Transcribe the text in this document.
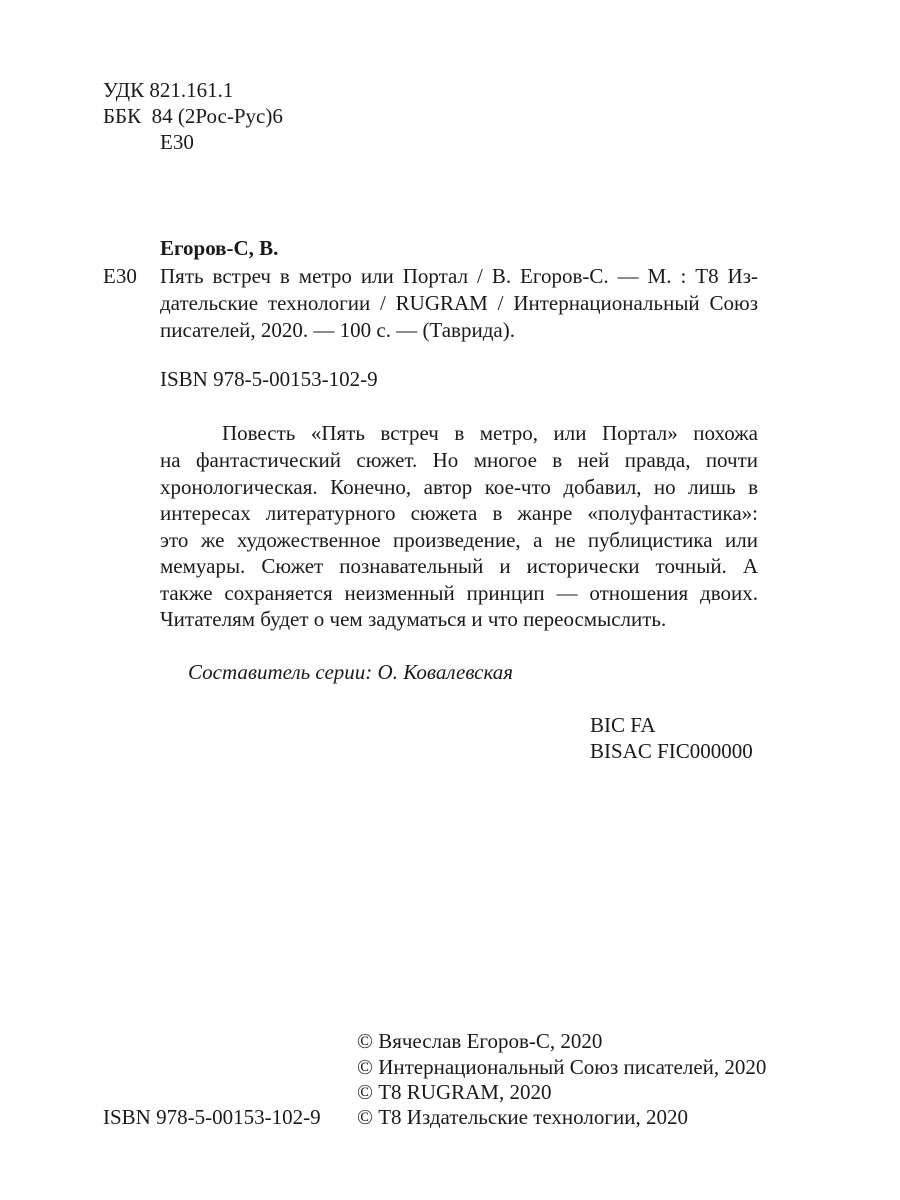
УДК 821.161.1
ББК  84 (2Рос-Рус)6
Е30
Егоров-С, В.
Е30 Пять встреч в метро или Портал / В. Егоров-С. — М. : Т8 Из-
дательские технологии / RUGRAM / Интернациональный Союз
писателей, 2020. — 100 с. — (Таврида).
ISBN 978-5-00153-102-9
Повесть «Пять встреч в метро, или Портал» похожа
на фантастический сюжет. Но многое в ней правда, почти
хронологическая. Конечно, автор кое-что добавил, но лишь в
интересах литературного сюжета в жанре «полуфантастика»:
это же художественное произведение, а не публицистика или
мемуары. Сюжет познавательный и исторически точный. А
также сохраняется неизменный принцип — отношения двоих.
Читателям будет о чем задуматься и что переосмыслить.
Составитель серии: О. Ковалевская
BIC FA
BISAC FIC000000
© Вячеслав Егоров-С, 2020
© Интернациональный Союз писателей, 2020
© Т8 RUGRAM, 2020
ISBN 978-5-00153-102-9 © Т8 Издательские технологии, 2020
